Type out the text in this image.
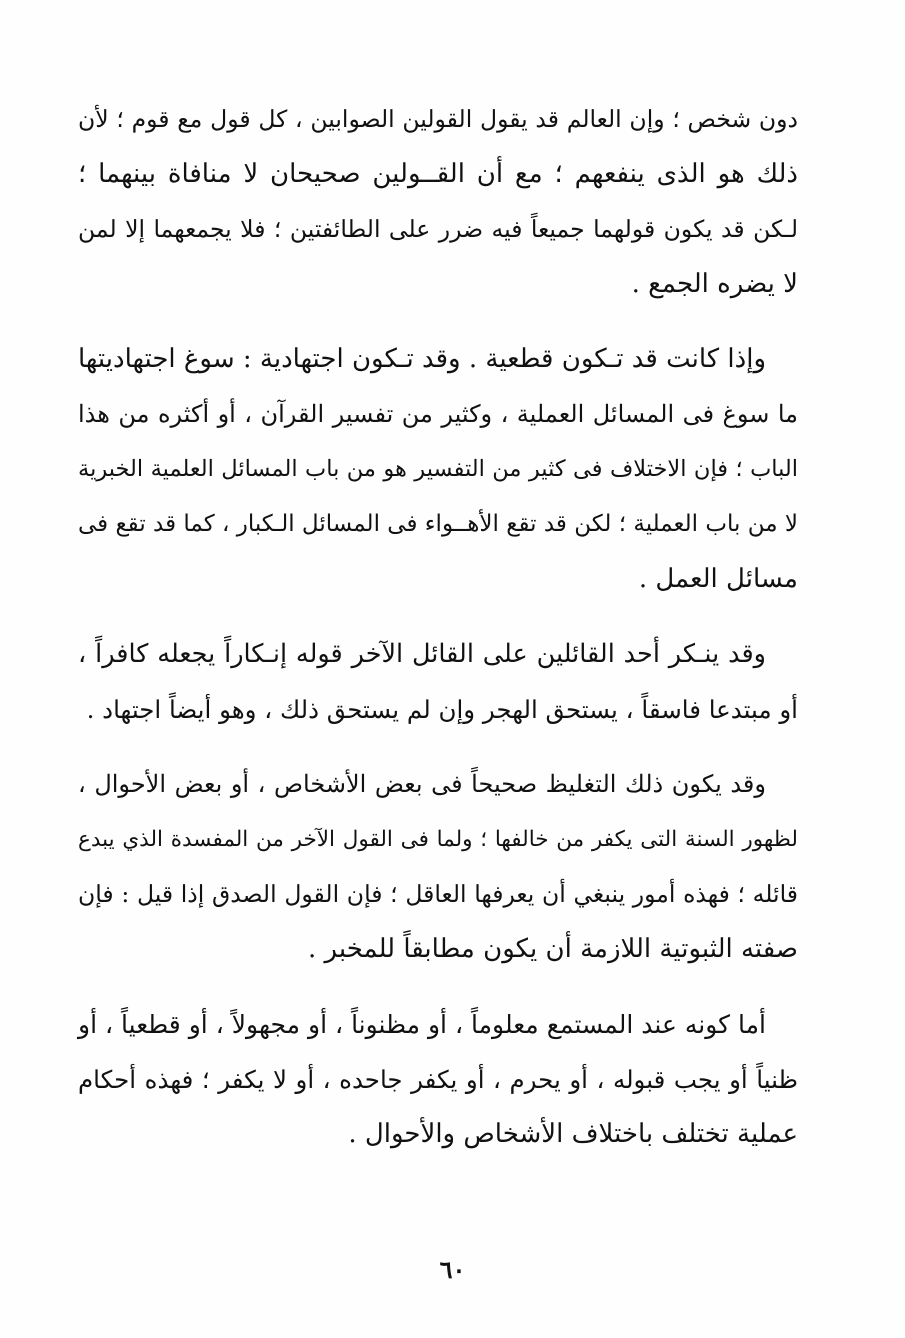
دون شخص ؛ وإن العالم قد يقول القولين الصوابين ، كل قول مع قوم ؛ لأن
ذلك هو الذى ينفعهم ؛ مع أن القــولين صحيحان لا منافاة بينهما ؛
لـكن قد يكون قولهما جميعاً فيه ضرر على الطائفتين ؛ فلا يجمعهما إلا لمن
لا يضره الجمع .

وإذا كانت قد تـكون قطعية . وقد تـكون اجتهادية : سوغ اجتهاديتها
ما سوغ فى المسائل العملية ، وكثير من تفسير القرآن ، أو أكثره من هذا
الباب ؛ فإن الاختلاف فى كثير من التفسير هو من باب المسائل العلمية الخبرية
لا من باب العملية ؛ لكن قد تقع الأهــواء فى المسائل الـكبار ، كما قد تقع فى
مسائل العمل .

وقد ينـكر أحد القائلين على القائل الآخر قوله إنـكاراً يجعله كافراً ،
أو مبتدعا فاسقاً ، يستحق الهجر وإن لم يستحق ذلك ، وهو أيضاً اجتهاد .

وقد يكون ذلك التغليظ صحيحاً فى بعض الأشخاص ، أو بعض الأحوال ،
لظهور السنة التى يكفر من خالفها ؛ ولما فى القول الآخر من المفسدة الذي يبدع
قائله ؛ فهذه أمور ينبغي أن يعرفها العاقل ؛ فإن القول الصدق إذا قيل : فإن
صفته الثبوتية اللازمة أن يكون مطابقاً للمخبر .

أما كونه عند المستمع معلوماً ، أو مظنوناً ، أو مجهولاً ، أو قطعياً ، أو
ظنياً أو يجب قبوله ، أو يحرم ، أو يكفر جاحده ، أو لا يكفر ؛ فهذه أحكام
عملية تختلف باختلاف الأشخاص والأحوال .

٦٠
